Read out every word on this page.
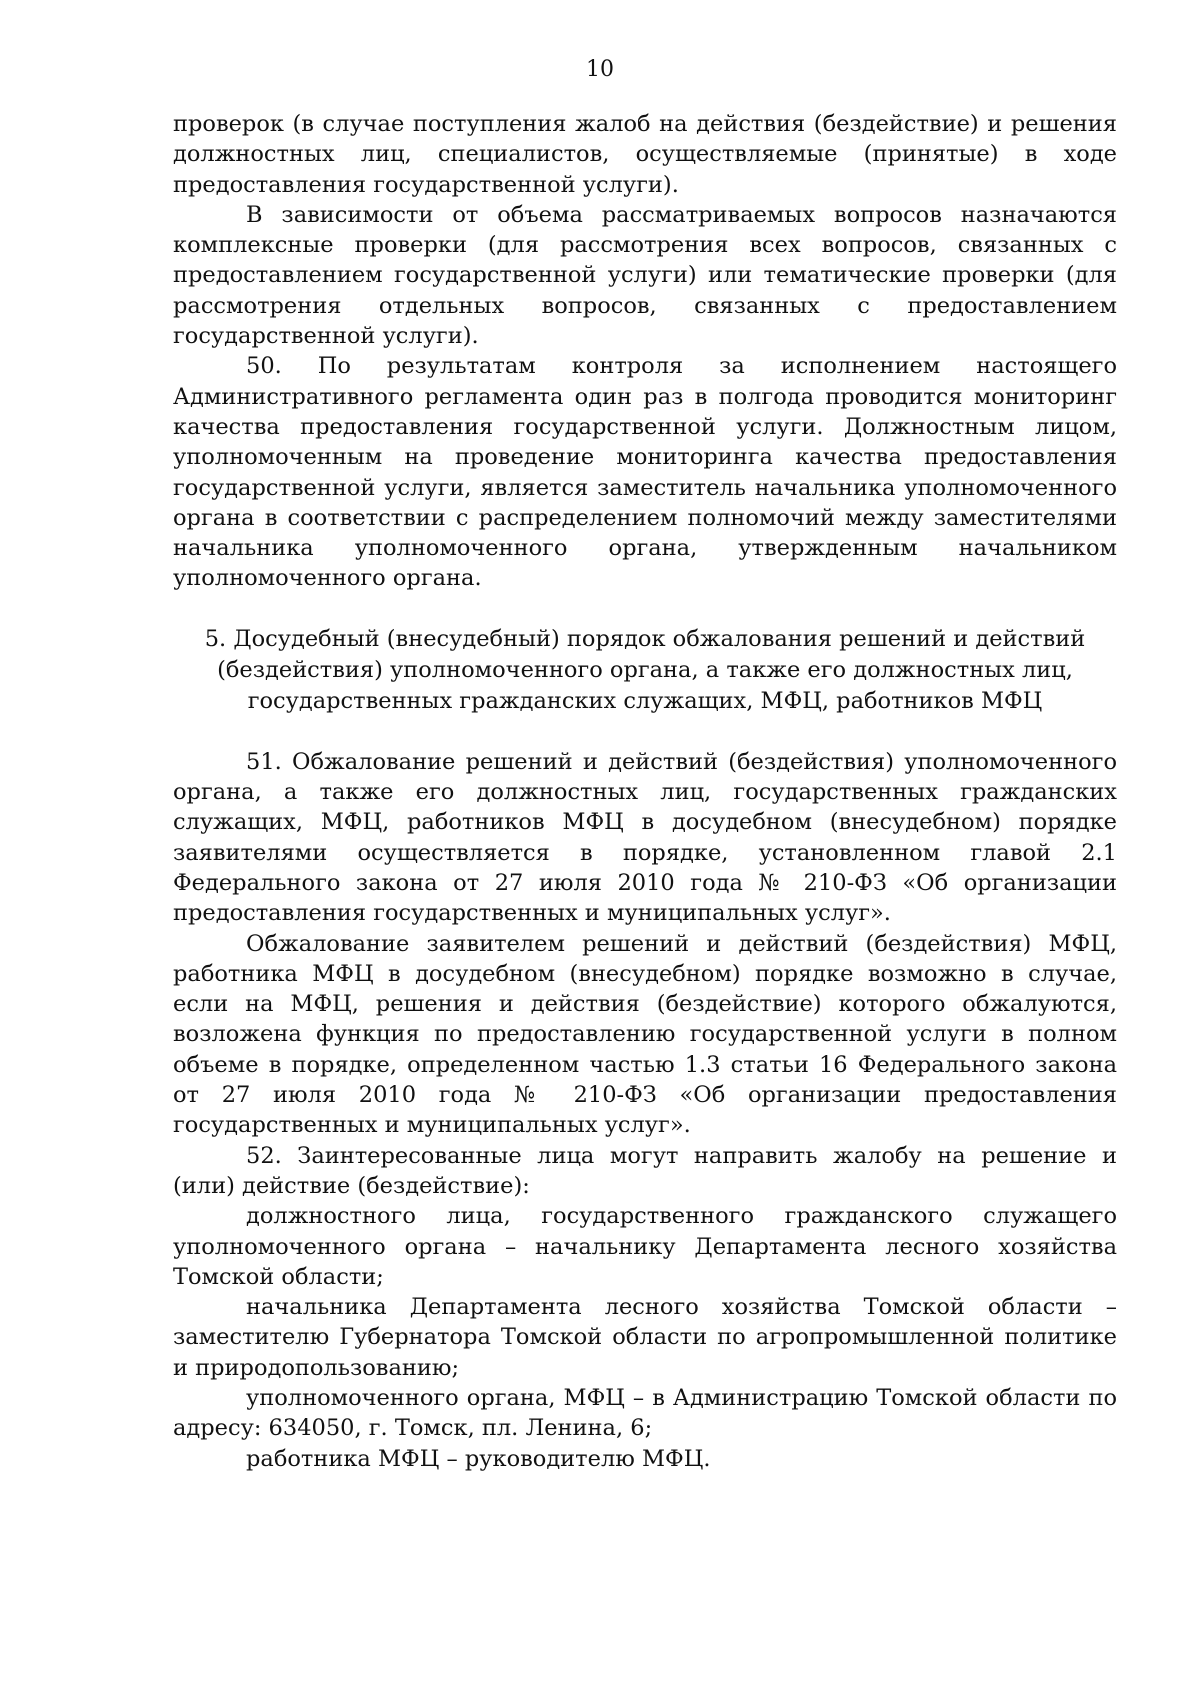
10

проверок (в случае поступления жалоб на действия (бездействие) и решения должностных лиц, специалистов, осуществляемые (принятые) в ходе предоставления государственной услуги).

В зависимости от объема рассматриваемых вопросов назначаются комплексные проверки (для рассмотрения всех вопросов, связанных с предоставлением государственной услуги) или тематические проверки (для рассмотрения отдельных вопросов, связанных с предоставлением государственной услуги).

50. По результатам контроля за исполнением настоящего Административного регламента один раз в полгода проводится мониторинг качества предоставления государственной услуги. Должностным лицом, уполномоченным на проведение мониторинга качества предоставления государственной услуги, является заместитель начальника уполномоченного органа в соответствии с распределением полномочий между заместителями начальника уполномоченного органа, утвержденным начальником уполномоченного органа.

5. Досудебный (внесудебный) порядок обжалования решений и действий
(бездействия) уполномоченного органа, а также его должностных лиц,
государственных гражданских служащих, МФЦ, работников МФЦ

51. Обжалование решений и действий (бездействия) уполномоченного органа, а также его должностных лиц, государственных гражданских служащих, МФЦ, работников МФЦ в досудебном (внесудебном) порядке заявителями осуществляется в порядке, установленном главой 2.1 Федерального закона от 27 июля 2010 года № 210-ФЗ «Об организации предоставления государственных и муниципальных услуг».

Обжалование заявителем решений и действий (бездействия) МФЦ, работника МФЦ в досудебном (внесудебном) порядке возможно в случае, если на МФЦ, решения и действия (бездействие) которого обжалуются, возложена функция по предоставлению государственной услуги в полном объеме в порядке, определенном частью 1.3 статьи 16 Федерального закона от 27 июля 2010 года № 210-ФЗ «Об организации предоставления государственных и муниципальных услуг».

52. Заинтересованные лица могут направить жалобу на решение и (или) действие (бездействие):

должностного лица, государственного гражданского служащего уполномоченного органа – начальнику Департамента лесного хозяйства Томской области;

начальника Департамента лесного хозяйства Томской области – заместителю Губернатора Томской области по агропромышленной политике и природопользованию;

уполномоченного органа, МФЦ – в Администрацию Томской области по адресу: 634050, г. Томск, пл. Ленина, 6;

работника МФЦ – руководителю МФЦ.
